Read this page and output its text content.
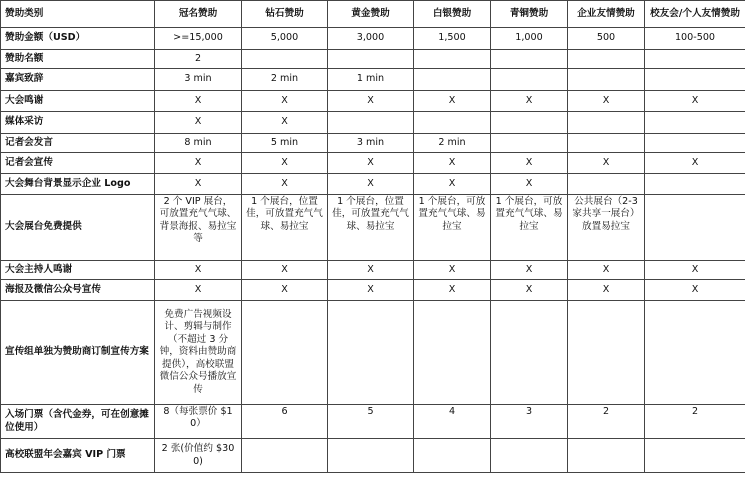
赞助类别	冠名赞助	钻石赞助	黄金赞助	白银赞助	青铜赞助	企业友情赞助	校友会/个人友情赞助
赞助金额（USD）	>=15,000	5,000	3,000	1,500	1,000	500	100-500
赞助名额	2						
嘉宾致辞	3 min	2 min	1 min				
大会鸣谢	X	X	X	X	X	X	X
媒体采访	X	X					
记者会发言	8 min	5 min	3 min	2 min			
记者会宣传	X	X	X	X	X	X	X
大会舞台背景显示企业 Logo	X	X	X	X	X		
大会展台免费提供	2 个 VIP 展台，可放置充气气球、背景海报、易拉宝等	1 个展台，位置佳，可放置充气气球、易拉宝	1 个展台，位置佳，可放置充气气球、易拉宝	1 个展台，可放置充气气球、易拉宝	1 个展台，可放置充气气球、易拉宝	公共展台（2-3 家共享一展台）放置易拉宝	
大会主持人鸣谢	X	X	X	X	X	X	X
海报及微信公众号宣传	X	X	X	X	X	X	X
宣传组单独为赞助商订制宣传方案	免费广告视频设计、剪辑与制作（不超过 3 分钟，资料由赞助商提供），高校联盟微信公众号播放宣传						
入场门票（含代金券，可在创意摊位使用）	8（每张票价 $10）	6	5	4	3	2	2
高校联盟年会嘉宾 VIP 门票	2 张(价值约 $300)						
